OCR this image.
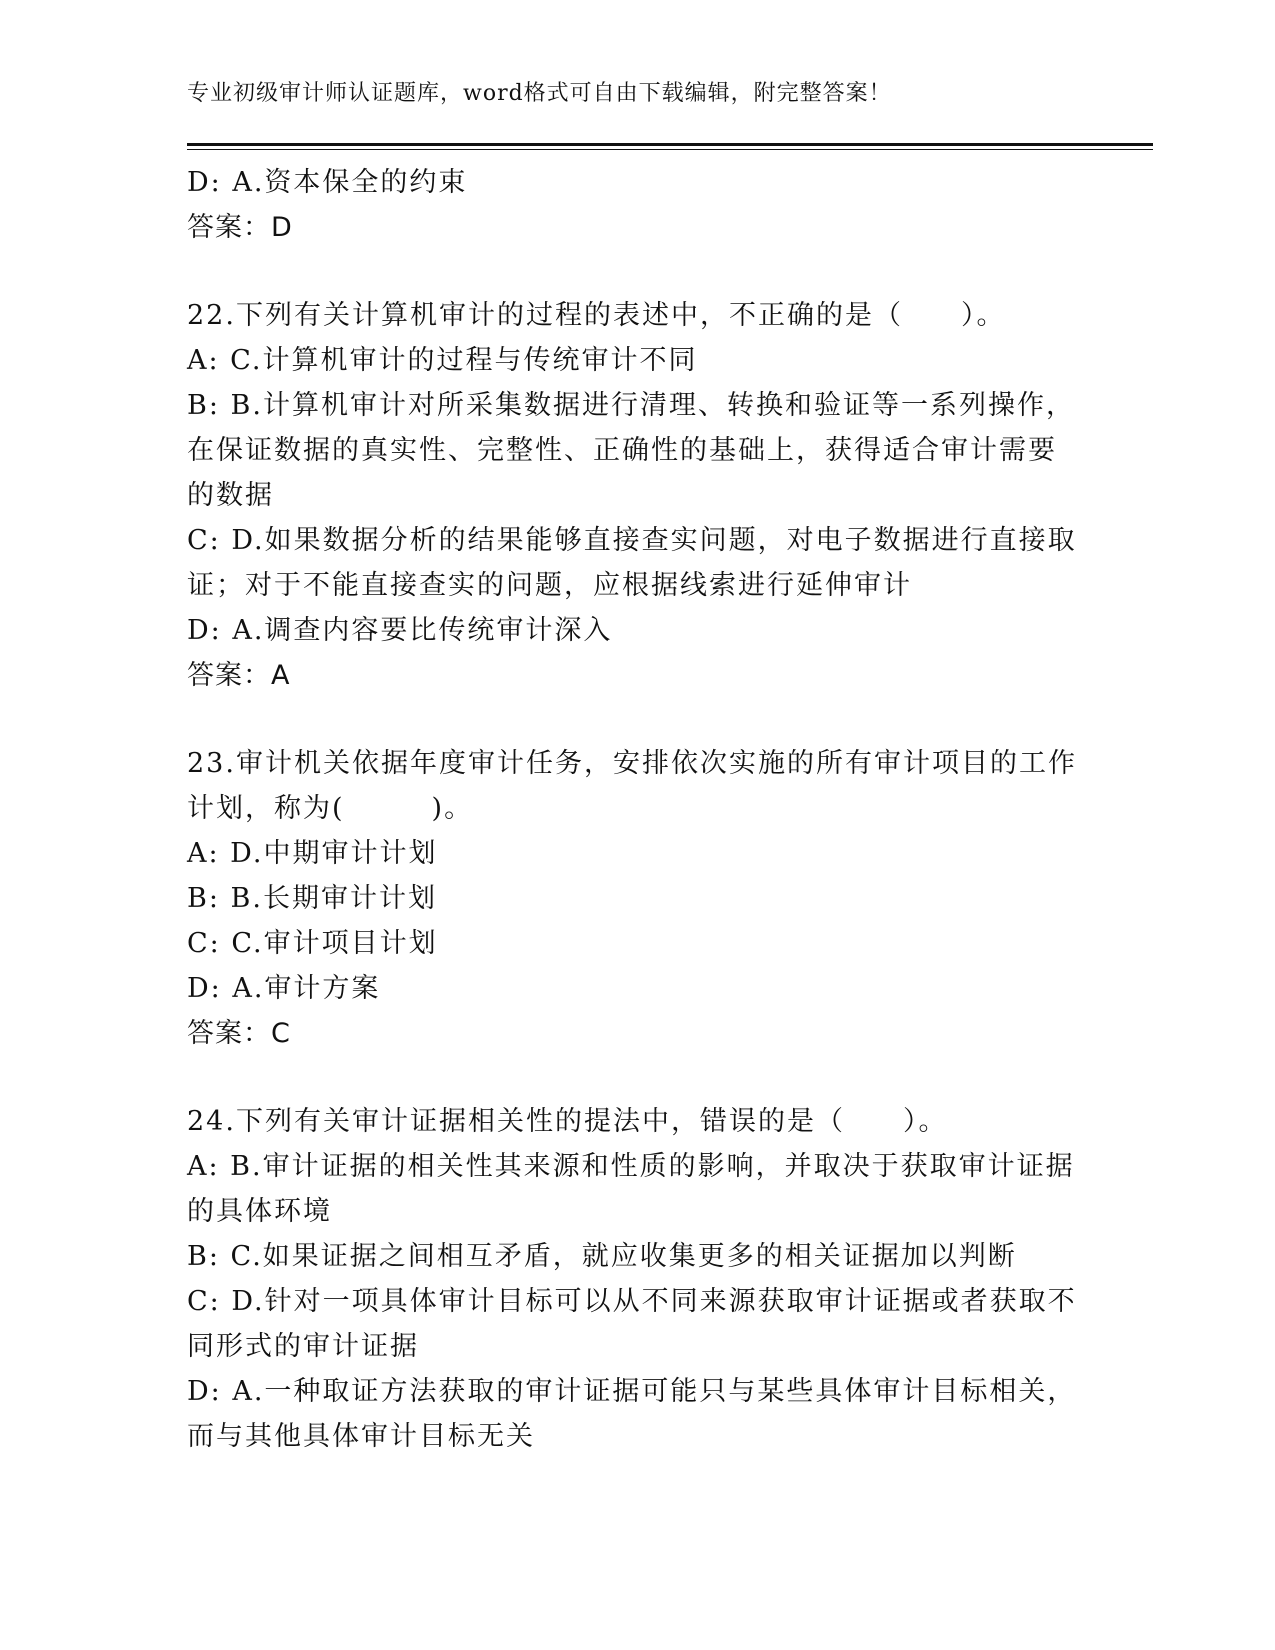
专业初级审计师认证题库，word格式可自由下载编辑，附完整答案！
D: A.资本保全的约束
答案：D
22.下列有关计算机审计的过程的表述中，不正确的是（　　）。
A: C.计算机审计的过程与传统审计不同
B: B.计算机审计对所采集数据进行清理、转换和验证等一系列操作，
在保证数据的真实性、完整性、正确性的基础上，获得适合审计需要
的数据
C: D.如果数据分析的结果能够直接查实问题，对电子数据进行直接取
证；对于不能直接查实的问题，应根据线索进行延伸审计
D: A.调查内容要比传统审计深入
答案：A
23.审计机关依据年度审计任务，安排依次实施的所有审计项目的工作
计划，称为(　　　)。
A: D.中期审计计划
B: B.长期审计计划
C: C.审计项目计划
D: A.审计方案
答案：C
24.下列有关审计证据相关性的提法中，错误的是（　　）。
A: B.审计证据的相关性其来源和性质的影响，并取决于获取审计证据
的具体环境
B: C.如果证据之间相互矛盾，就应收集更多的相关证据加以判断
C: D.针对一项具体审计目标可以从不同来源获取审计证据或者获取不
同形式的审计证据
D: A.一种取证方法获取的审计证据可能只与某些具体审计目标相关，
而与其他具体审计目标无关
